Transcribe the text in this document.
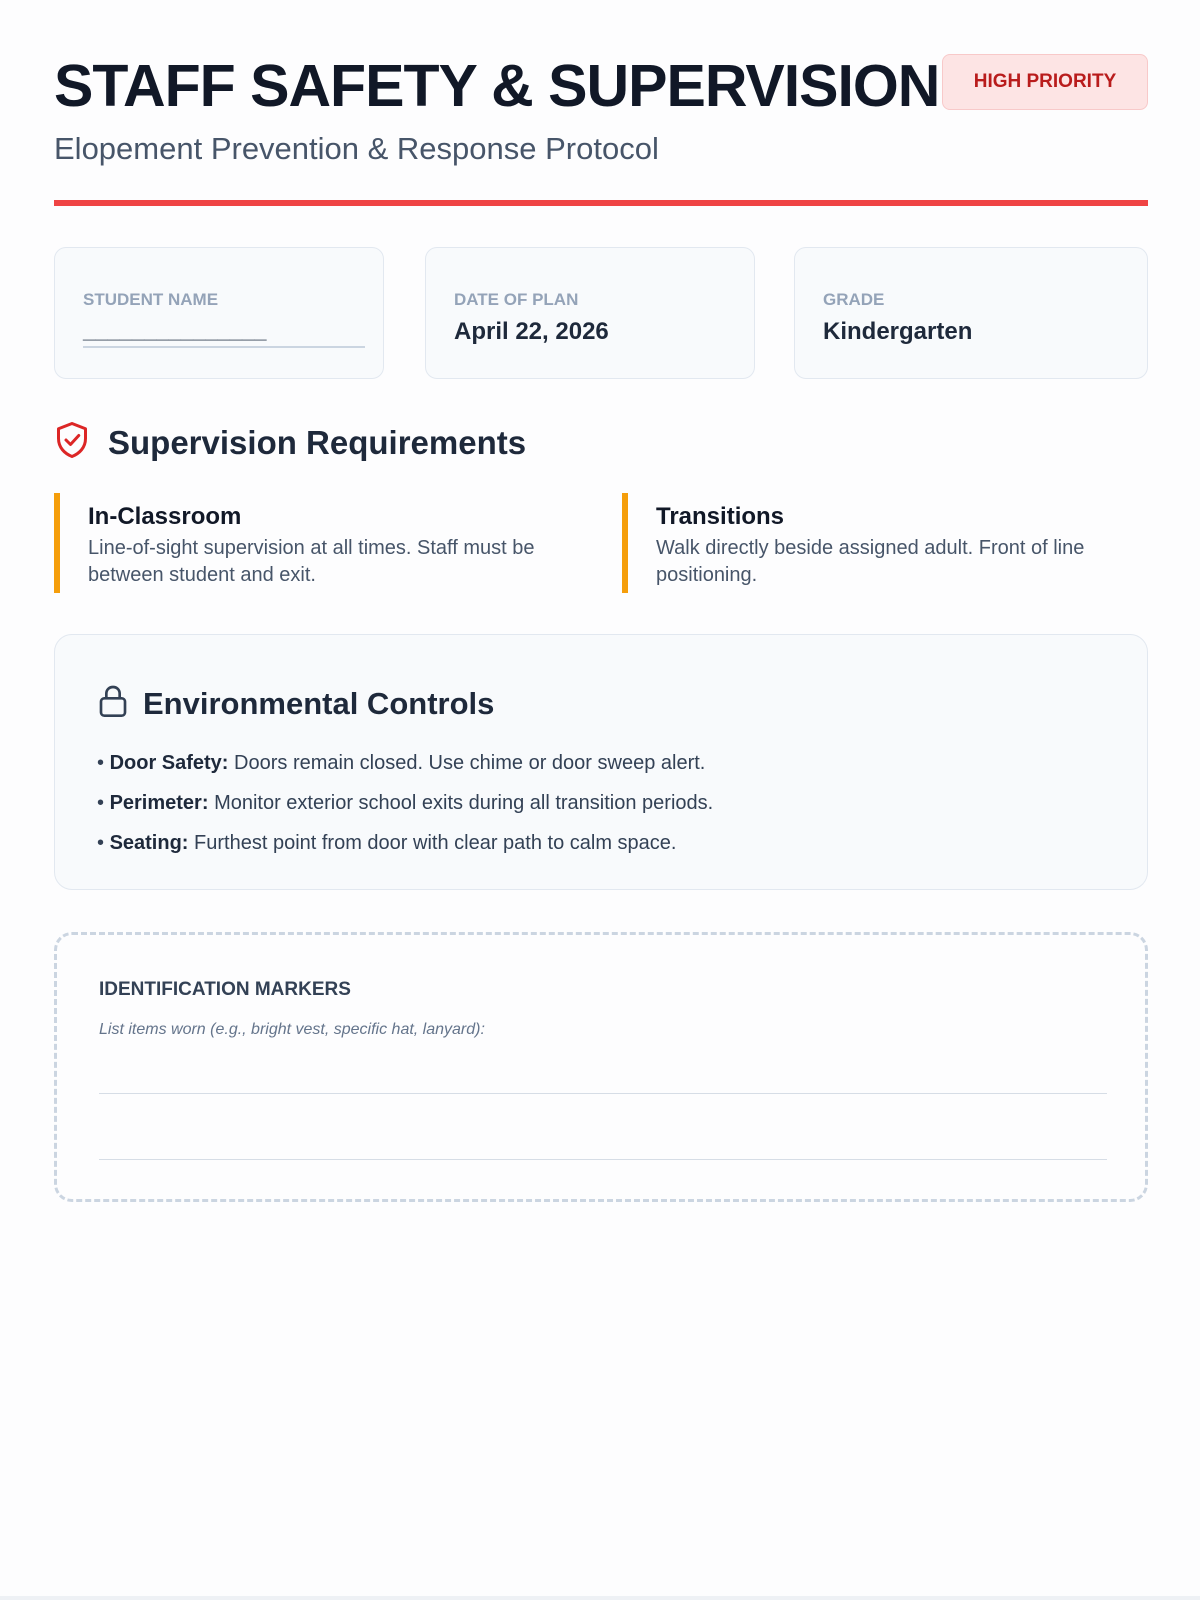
STAFF SAFETY & SUPERVISION	HIGH PRIORITY
Elopement Prevention & Response Protocol
STUDENT NAME
_______________
DATE OF PLAN
April 22, 2026
GRADE
Kindergarten
Supervision Requirements
In-Classroom
Line-of-sight supervision at all times. Staff must be between student and exit.
Transitions
Walk directly beside assigned adult. Front of line positioning.
Environmental Controls
• Door Safety: Doors remain closed. Use chime or door sweep alert.
• Perimeter: Monitor exterior school exits during all transition periods.
• Seating: Furthest point from door with clear path to calm space.
IDENTIFICATION MARKERS
List items worn (e.g., bright vest, specific hat, lanyard):
